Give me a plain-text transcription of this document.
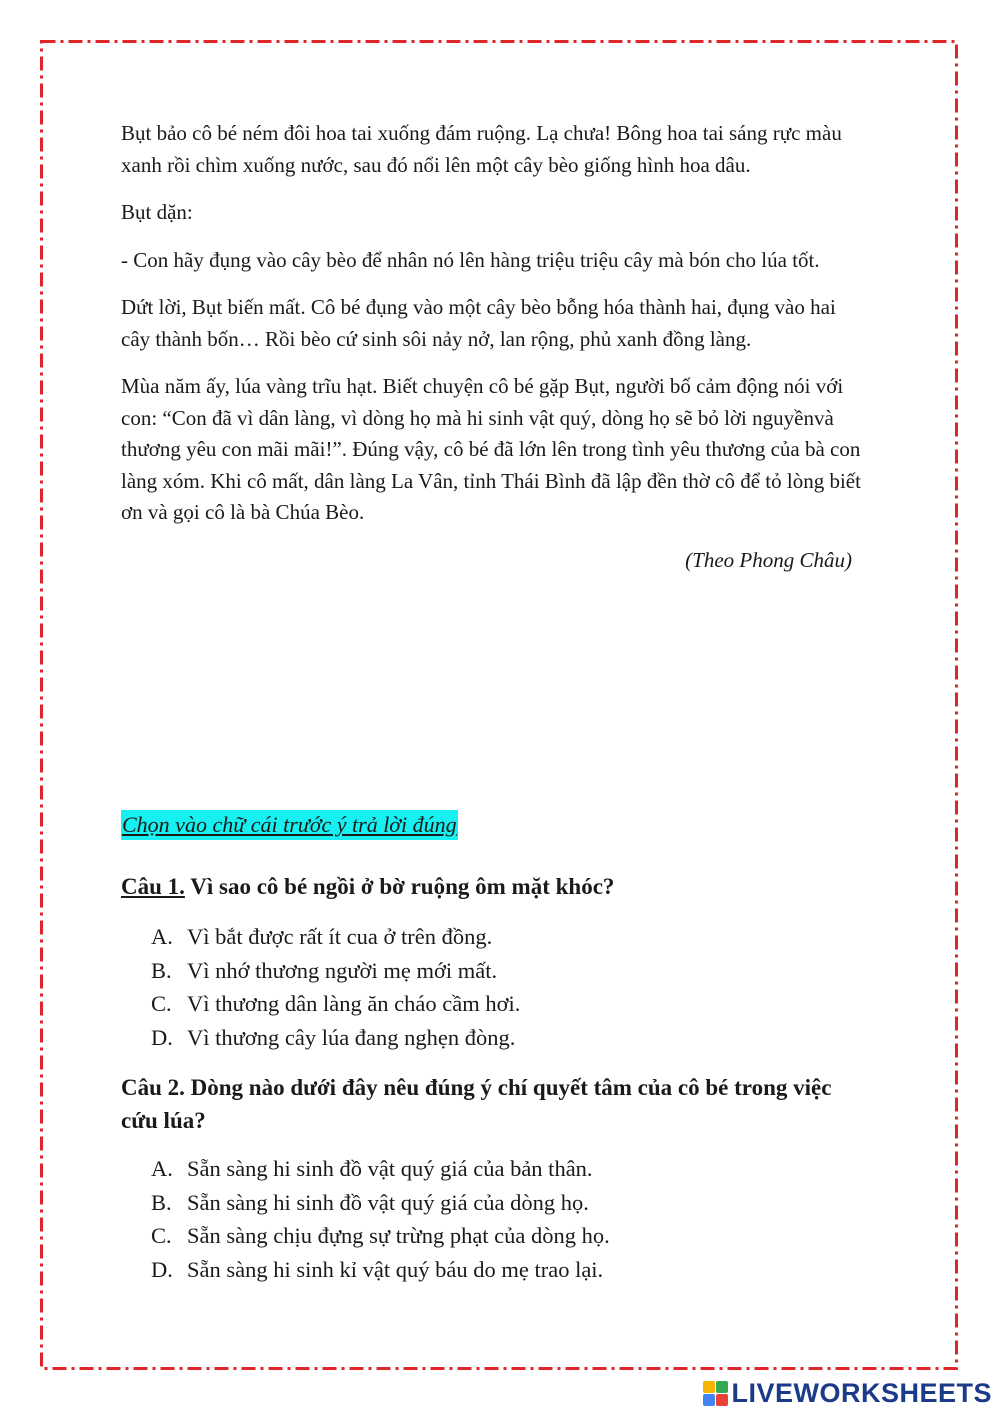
Bụt bảo cô bé ném đôi hoa tai xuống đám ruộng. Lạ chưa! Bông hoa tai sáng rực màu xanh rồi chìm xuống nước, sau đó nổi lên một cây bèo giống hình hoa dâu.

Bụt dặn:

- Con hãy đụng vào cây bèo để nhân nó lên hàng triệu triệu cây mà bón cho lúa tốt.

Dứt lời, Bụt biến mất. Cô bé đụng vào một cây bèo bỗng hóa thành hai, đụng vào hai cây thành bốn… Rồi bèo cứ sinh sôi nảy nở, lan rộng, phủ xanh đồng làng.

Mùa năm ấy, lúa vàng trĩu hạt. Biết chuyện cô bé gặp Bụt, người bố cảm động nói với con: “Con đã vì dân làng, vì dòng họ mà hi sinh vật quý, dòng họ sẽ bỏ lời nguyềnvà thương yêu con mãi mãi!”. Đúng vậy, cô bé đã lớn lên trong tình yêu thương của bà con làng xóm. Khi cô mất, dân làng La Vân, tỉnh Thái Bình đã lập đền thờ cô để tỏ lòng biết ơn và gọi cô là bà Chúa Bèo.

(Theo Phong Châu)

Chọn vào chữ cái trước ý trả lời đúng

Câu 1. Vì sao cô bé ngồi ở bờ ruộng ôm mặt khóc?

A. Vì bắt được rất ít cua ở trên đồng.
B. Vì nhớ thương người mẹ mới mất.
C. Vì thương dân làng ăn cháo cầm hơi.
D. Vì thương cây lúa đang nghẹn đòng.

Câu 2. Dòng nào dưới đây nêu đúng ý chí quyết tâm của cô bé trong việc cứu lúa?

A. Sẵn sàng hi sinh đồ vật quý giá của bản thân.
B. Sẵn sàng hi sinh đồ vật quý giá của dòng họ.
C. Sẵn sàng chịu đựng sự trừng phạt của dòng họ.
D. Sẵn sàng hi sinh kỉ vật quý báu do mẹ trao lại.
LIVEWORKSHEETS
